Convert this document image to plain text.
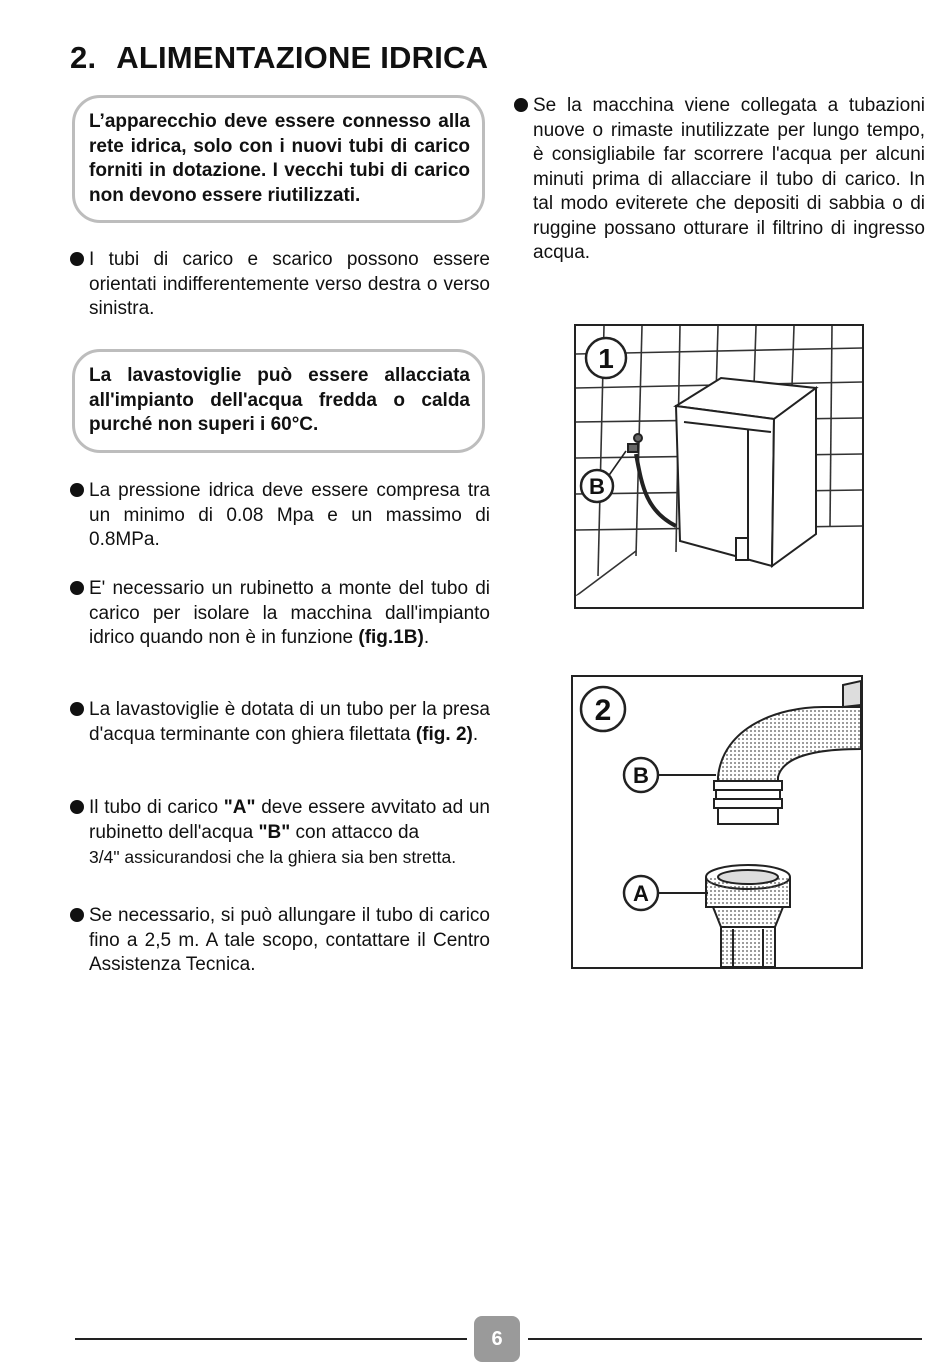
2. ALIMENTAZIONE IDRICA
L’apparecchio deve essere connesso alla rete idrica, solo con i nuovi tubi di carico forniti in dotazione. I vecchi tubi di carico non devono essere riutilizzati.
I tubi di carico e scarico possono essere orientati indifferentemente verso destra o verso sinistra.
La lavastoviglie può essere allacciata all'impianto dell'acqua fredda o calda purché non superi i 60°C.
La pressione idrica deve essere compresa tra un minimo di 0.08 Mpa e un massimo di 0.8MPa.
E' necessario un rubinetto a monte del tubo di carico per isolare la macchina dall'impianto idrico quando non è in funzione (fig.1B).
La lavastoviglie è dotata di un tubo per la presa d'acqua terminante con ghiera filettata (fig. 2).
Il tubo di carico "A" deve essere avvitato ad un rubinetto dell'acqua "B" con attacco da
3/4" assicurandosi che la ghiera sia ben stretta.
Se necessario, si può allungare il tubo di carico fino a 2,5 m. A tale scopo, contattare il Centro Assistenza Tecnica.
Se la macchina viene collegata a tubazioni nuove o rimaste inutilizzate per lungo tempo, è consigliabile far scorrere l'acqua per alcuni minuti prima di allacciare il tubo di carico. In tal modo eviterete che depositi di sabbia o di ruggine possano otturare il filtrino di ingresso acqua.
1
B
2
B
A
6
